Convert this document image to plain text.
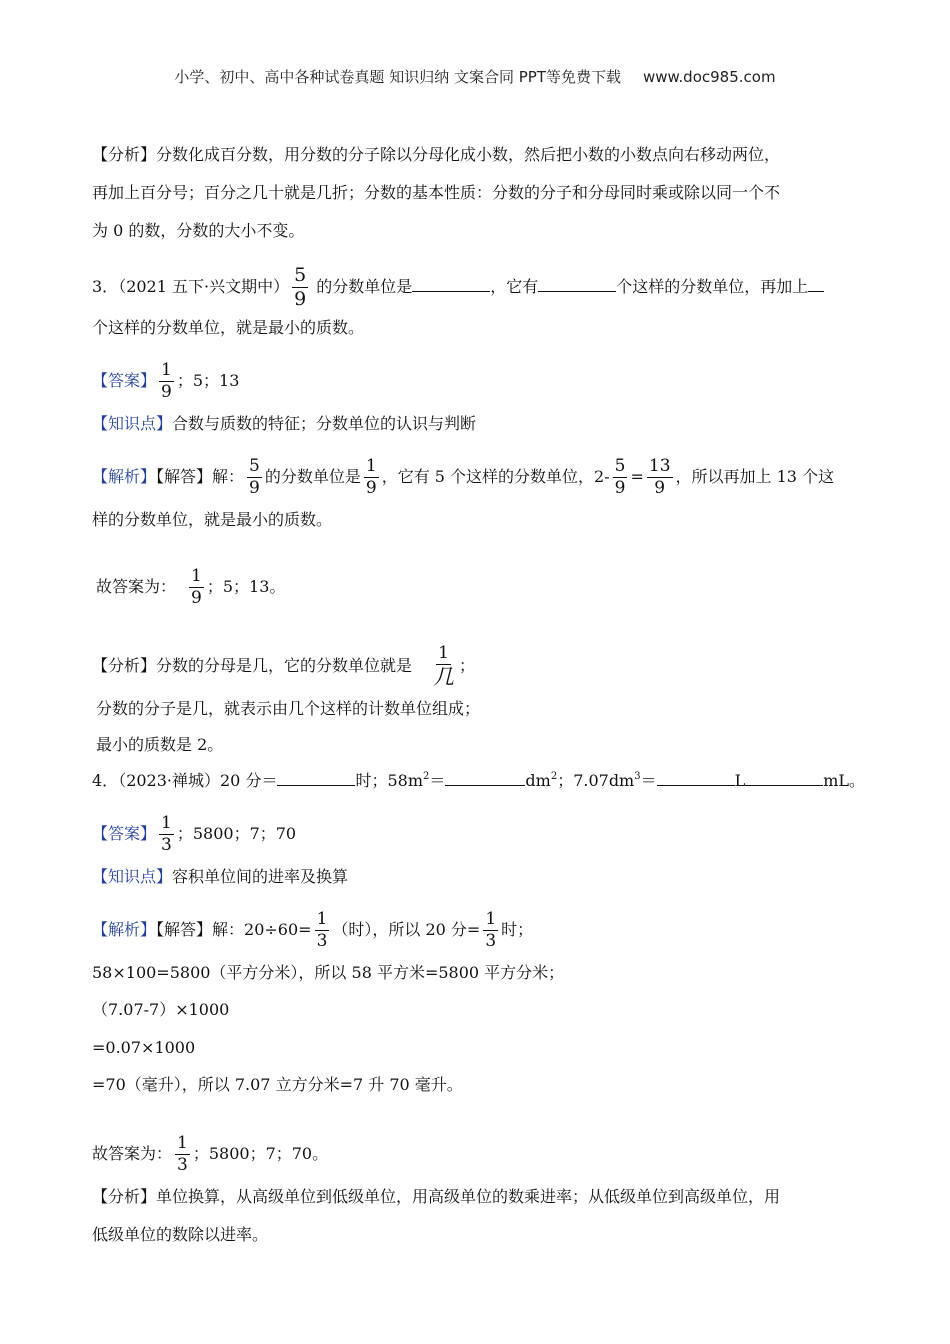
小学、初中、高中各种试卷真题 知识归纳 文案合同 PPT等免费下载 www.doc985.com
【分析】分数化成百分数，用分数的分子除以分母化成小数，然后把小数的小数点向右移动两位，
再加上百分号；百分之几十就是几折；分数的基本性质：分数的分子和分母同时乘或除以同一个不
为 0 的数，分数的大小不变。
3．（2021 五下·兴文期中） $\frac{5}{9}$ 的分数单位是	，它有	个这样的分数单位，再加上
个这样的分数单位，就是最小的质数。
【答案】 $\frac{1}{9}$ ；5；13
【知识点】合数与质数的特征；分数单位的认识与判断
【解析】【解答】解： $\frac{5}{9}$ 的分数单位是 $\frac{1}{9}$ ，它有 5 个这样的分数单位，$2- \frac{5}{9} = \frac{13}{9}$ ，所以再加上 13 个这
样的分数单位，就是最小的质数。
故答案为： $\frac{1}{9}$ ；5；13。
【分析】分数的分母是几，它的分数单位就是 $\frac{1}{\text{几}}$ ；
分数的分子是几，就表示由几个这样的计数单位组成；
最小的质数是 2。
4．（2023·禅城）20 分＝	时；$58m^2=$	$dm^2$；$7.07dm^3=$	L	mL。
【答案】 $\frac{1}{3}$ ；5800；7；70
【知识点】容积单位间的进率及换算
【解析】【解答】解：$20\div 60= \frac{1}{3}$ （时），所以 20 分= $\frac{1}{3}$ 时；
58×100=5800（平方分米），所以 58 平方米=5800 平方分米；
（7.07-7）×1000
=0.07×1000
=70（毫升），所以 7.07 立方分米=7 升 70 毫升。
故答案为： $\frac{1}{3}$ ；5800；7；70。
【分析】单位换算，从高级单位到低级单位，用高级单位的数乘进率；从低级单位到高级单位，用
低级单位的数除以进率。
